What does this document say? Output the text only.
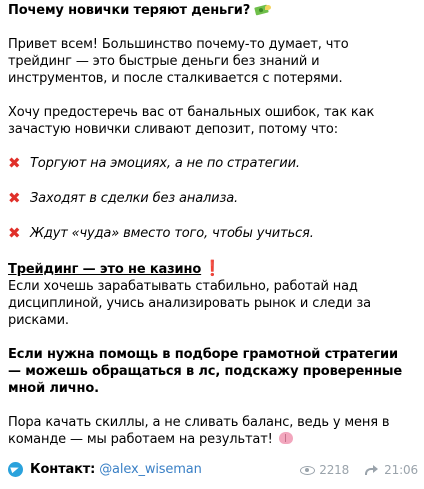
Почему новички теряют деньги?

Привет всем! Большинство почему-то думает, что трейдинг — это быстрые деньги без знаний и инструментов, и после сталкивается с потерями.

Хочу предостеречь вас от банальных ошибок, так как зачастую новички сливают депозит, потому что:

✖ Торгуют на эмоциях, а не по стратегии.
✖ Заходят в сделки без анализа.
✖ Ждут «чуда» вместо того, чтобы учиться.

Трейдинг — это не казино ❗

Если хочешь зарабатывать стабильно, работай над дисциплиной, учись анализировать рынок и следи за рисками.

Если нужна помощь в подборе грамотной стратегии — можешь обращаться в лс, подскажу проверенные мной лично.

Пора качать скиллы, а не сливать баланс, ведь у меня в команде — мы работаем на результат!

Контакт: @alex_wiseman	2218	21:06
